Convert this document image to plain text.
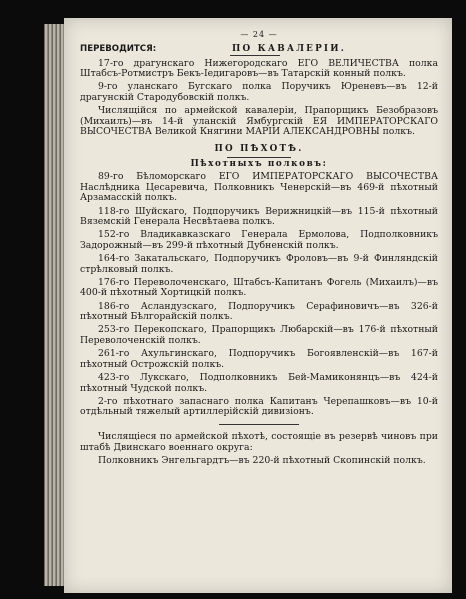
— 24 —
ПЕРЕВОДИТСЯ:	ПО КАВАЛЕРІИ.

17-го драгунскаго Нижегородскаго ЕГО ВЕЛИЧЕСТВА полка Штабсъ-Ротмистръ Бекъ-Іедигаровъ—въ Татарскій конный полкъ.

9-го уланскаго Бугскаго полка Поручикъ Юреневъ—въ 12-й драгунскій Стародубовскій полкъ.

Числящійся по армейской кавалеріи, Прапорщикъ Безобразовъ (Михаилъ)—въ 14-й уланскій Ямбургскій ЕЯ ИМПЕРАТОРСКАГО ВЫСОЧЕСТВА Великой Княгини МАРІИ АЛЕКСАНДРОВНЫ полкъ.

ПО ПѢХОТѢ.
Пѣхотныхъ полковъ:

89-го Бѣломорскаго ЕГО ИМПЕРАТОРСКАГО ВЫСОЧЕСТВА Наслѣдника Цесаревича, Полковникъ Ченерскій—въ 469-й пѣхотный Арзамасскій полкъ.

118-го Шуйскаго, Подпоручикъ Верижницкій—въ 115-й пѣхотный Вяземскій Генерала Несвѣтаева полкъ.

152-го Владикавказскаго Генерала Ермолова, Подполковникъ Задорожный—въ 299-й пѣхотный Дубненскій полкъ.

164-го Закатальскаго, Подпоручикъ Фроловъ—въ 9-й Финляндскій стрѣлковый полкъ.

176-го Переволоченскаго, Штабсъ-Капитанъ Фогель (Михаилъ)—въ 400-й пѣхотный Хортицкій полкъ.

186-го Асландузскаго, Подпоручикъ Серафиновичъ—въ 326-й пѣхотный Бѣлгорайскій полкъ.

253-го Перекопскаго, Прапорщикъ Любарскій—въ 176-й пѣхотный Переволоченскій полкъ.

261-го Ахульгинскаго, Подпоручикъ Богоявленскій—въ 167-й пѣхотный Острожскій полкъ.

423-го Лукскаго, Подполковникъ Бей-Мамиконянцъ—въ 424-й пѣхотный Чудской полкъ.

2-го пѣхотнаго запаснаго полка Капитанъ Черепашковъ—въ 10-й отдѣльный тяжелый артиллерійскій дивизіонъ.

Числящіеся по армейской пѣхотѣ, состоящіе въ резервѣ чиновъ при штабѣ Двинскаго военнаго округа:

Полковникъ Энгельгардтъ—въ 220-й пѣхотный Скопинскій полкъ.
